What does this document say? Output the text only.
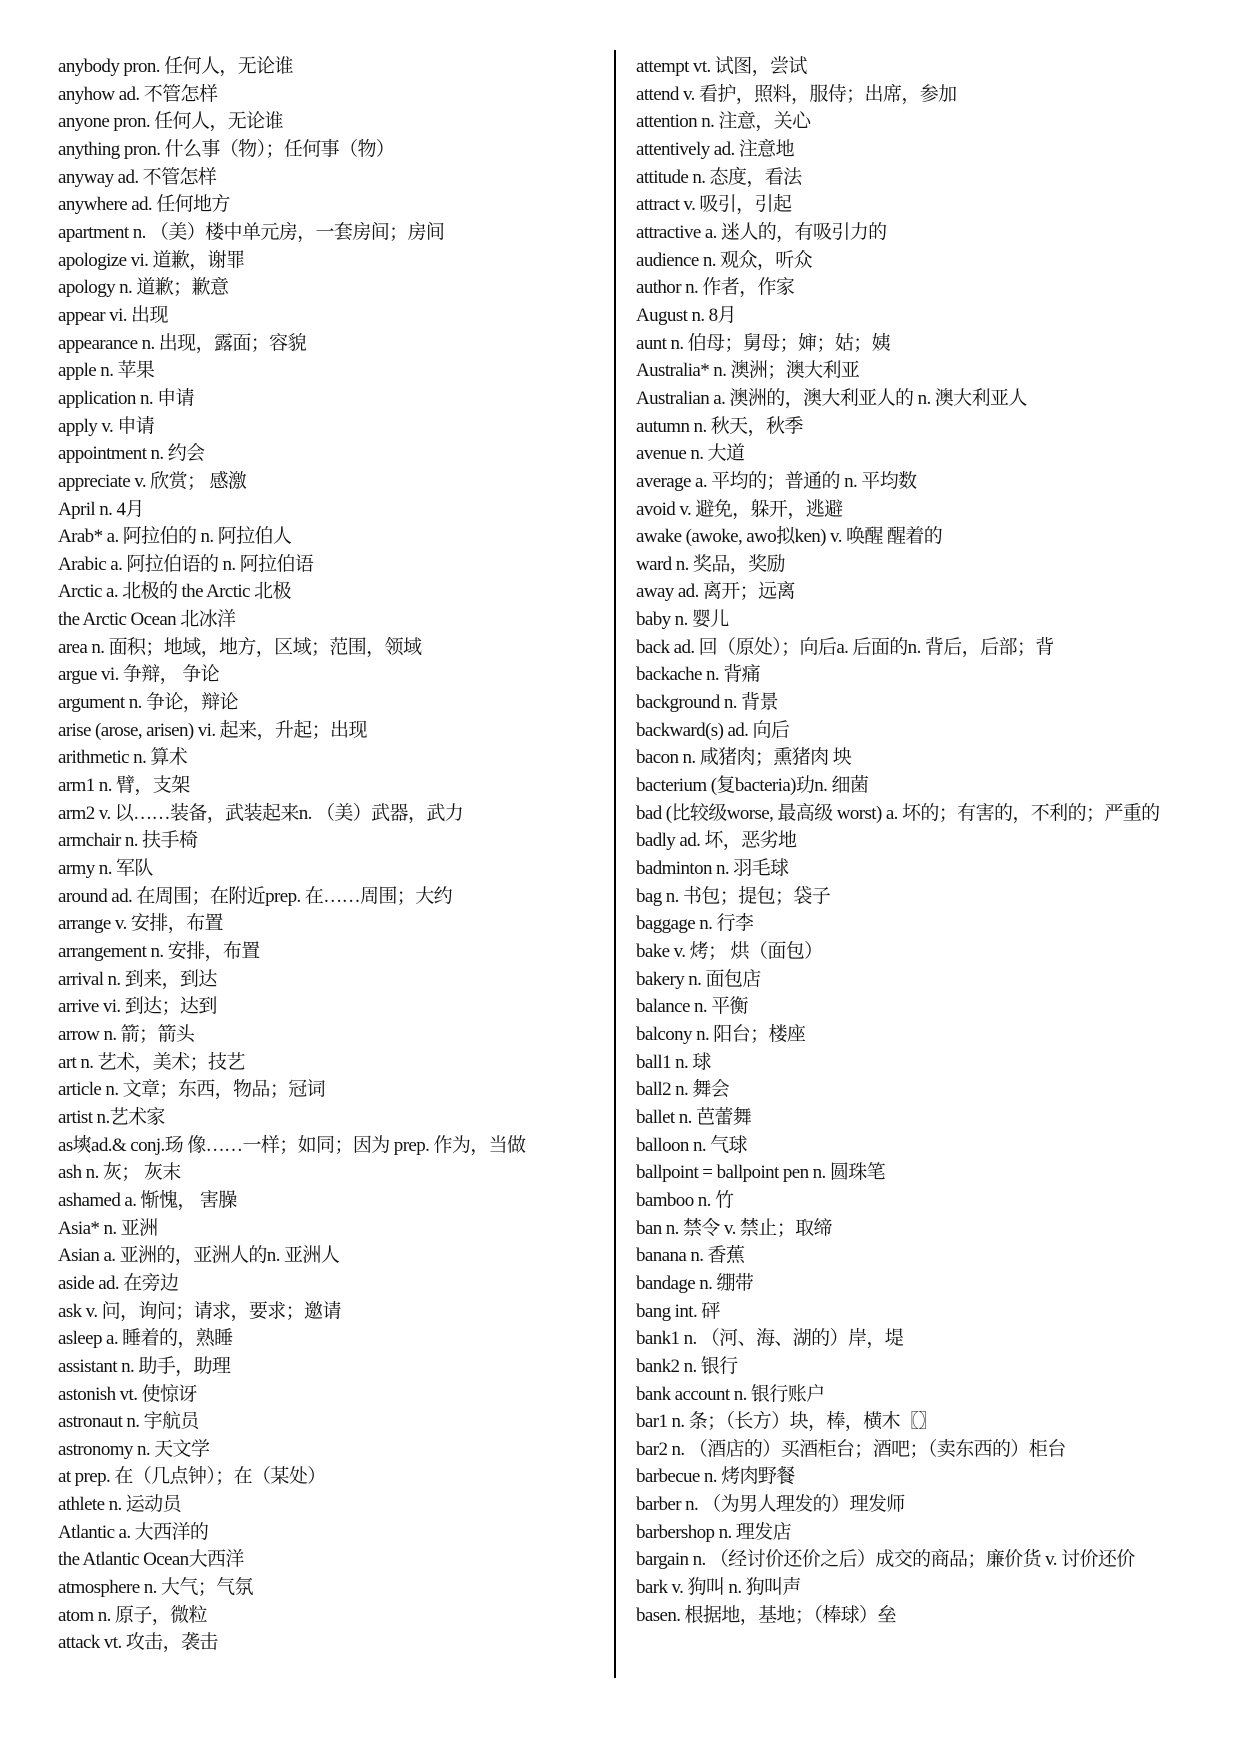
anybody pron. 任何人，无论谁

anyhow ad. 不管怎样

anyone pron. 任何人，无论谁

anything pron. 什么事（物）；任何事（物）

anyway ad. 不管怎样

anywhere ad. 任何地方

apartment n. （美）楼中单元房，一套房间；房间

apologize vi. 道歉，谢罪

apology n. 道歉；歉意

appear vi. 出现

appearance n. 出现，露面；容貌

apple n. 苹果

application n. 申请

apply v. 申请

appointment n. 约会

appreciate v. 欣赏； 感激

April n. 4月

Arab* a. 阿拉伯的 n. 阿拉伯人

Arabic a. 阿拉伯语的 n. 阿拉伯语

Arctic a. 北极的 the Arctic 北极

the Arctic Ocean 北冰洋

area n. 面积；地域，地方，区域；范围，领域

argue vi. 争辩， 争论

argument n. 争论，辩论

arise (arose, arisen) vi. 起来，升起；出现

arithmetic n. 算术

arm1 n. 臂，支架

arm2 v. 以……装备，武装起来n. （美）武器，武力

armchair n. 扶手椅

army n. 军队

around ad. 在周围；在附近prep. 在……周围；大约

arrange v. 安排，布置

arrangement n. 安排，布置

arrival n. 到来，到达

arrive vi. 到达；达到

arrow n. 箭；箭头

art n. 艺术，美术；技艺

article n. 文章；东西，物品；冠词

artist n.艺术家

as塽ad.& conj.玚 像……一样；如同；因为 prep. 作为，当做

ash n. 灰； 灰末

ashamed a. 惭愧， 害臊

Asia* n. 亚洲

Asian a. 亚洲的，亚洲人的n. 亚洲人

aside ad. 在旁边

ask v. 问，询问；请求，要求；邀请

asleep a. 睡着的，熟睡

assistant n. 助手，助理

astonish vt. 使惊讶

astronaut n. 宇航员

astronomy n. 天文学

at prep. 在（几点钟）；在（某处）

athlete n. 运动员

Atlantic a. 大西洋的

the Atlantic Ocean大西洋

atmosphere n. 大气；气氛

atom n. 原子，微粒

attack vt. 攻击，袭击

attempt vt. 试图，尝试

attend v. 看护，照料，服侍；出席，参加

attention n. 注意，关心

attentively ad. 注意地

attitude n. 态度，看法

attract v. 吸引，引起

attractive a. 迷人的，有吸引力的

audience n. 观众，听众

author n. 作者，作家

August n. 8月

aunt n. 伯母；舅母；婶；姑；姨

Australia* n. 澳洲；澳大利亚

Australian a. 澳洲的，澳大利亚人的 n. 澳大利亚人

autumn n. 秋天，秋季

avenue n. 大道

average a. 平均的；普通的 n. 平均数

avoid v. 避免，躲开，逃避

awake (awoke, awo拟ken) v. 唤醒 醒着的

ward n. 奖品，奖励

away ad. 离开；远离

baby n. 婴儿

back ad. 回（原处）；向后a. 后面的n. 背后，后部；背

backache n. 背痛

background n. 背景

backward(s) ad. 向后

bacon n. 咸猪肉；熏猪肉 坱

bacterium (复bacteria)玏n. 细菌

bad (比较级worse, 最高级 worst) a. 坏的；有害的，不利的；严重的

badly ad. 坏，恶劣地

badminton n. 羽毛球

bag n. 书包；提包；袋子

baggage n. 行李

bake v. 烤； 烘（面包）

bakery n. 面包店

balance n. 平衡

balcony n. 阳台；楼座

ball1 n. 球

ball2 n. 舞会

ballet n. 芭蕾舞

balloon n. 气球

ballpoint = ballpoint pen n. 圆珠笔

bamboo n. 竹

ban n. 禁令 v. 禁止；取缔

banana n. 香蕉

bandage n. 绷带

bang int. 砰

bank1 n. （河、海、湖的）岸，堤

bank2 n. 银行

bank account n. 银行账户

bar1 n. 条；（长方）块，棒，横木〖〗

bar2 n. （酒店的）买酒柜台；酒吧；（卖东西的）柜台

barbecue n. 烤肉野餐

barber n. （为男人理发的）理发师

barbershop n. 理发店

bargain n. （经讨价还价之后）成交的商品；廉价货 v. 讨价还价

bark v. 狗叫 n. 狗叫声

basen. 根据地，基地；（棒球）垒
